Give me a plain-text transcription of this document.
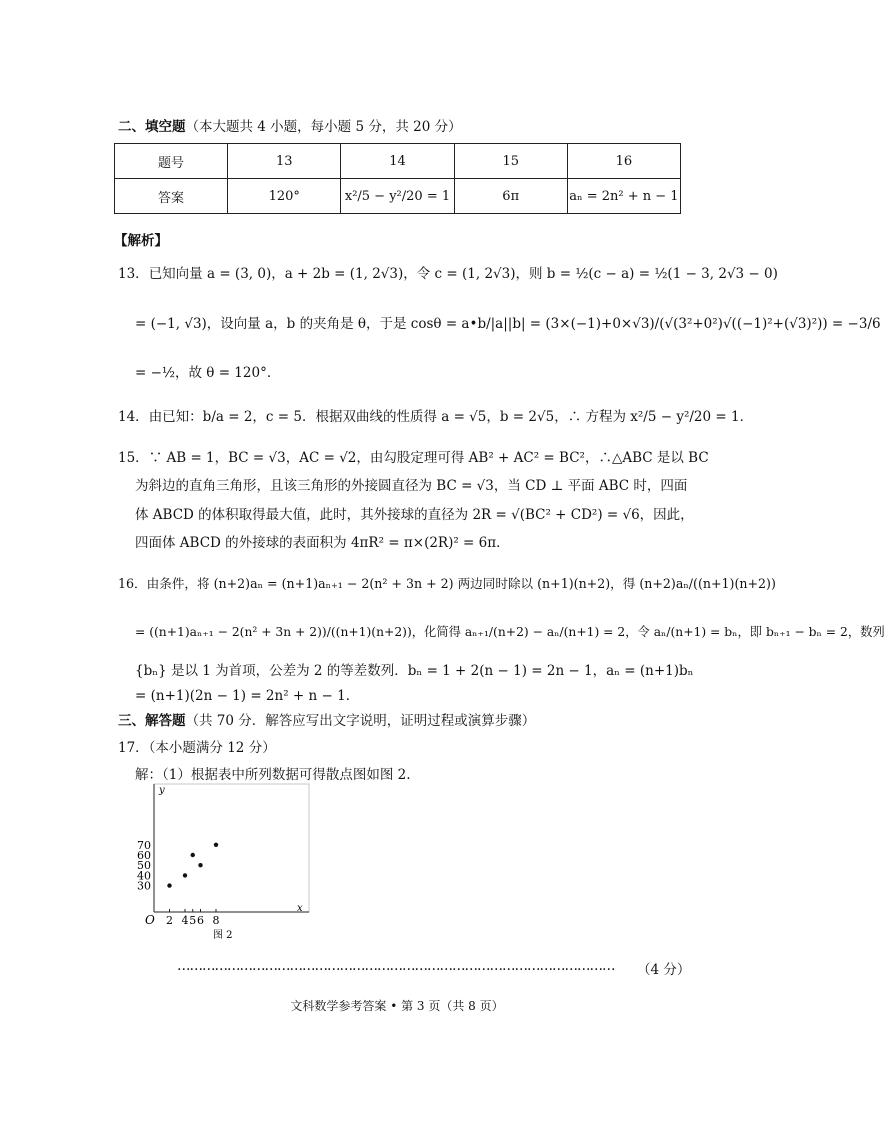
二、填空题（本大题共 4 小题，每小题 5 分，共 20 分）
题号	13	14	15	16
答案	120°	x²/5 − y²/20 = 1	6π	aₙ = 2n² + n − 1
【解析】
13．已知向量 a = (3, 0)，a + 2b = (1, 2√3)，令 c = (1, 2√3)，则 b = ½(c − a) = ½(1 − 3, 2√3 − 0)
= (−1, √3)，设向量 a，b 的夹角是 θ，于是 cosθ = a•b/|a||b| = (3×(−1)+0×√3)/(√(3²+0²)√((−1)²+(√3)²)) = −3/6
= −½，故 θ = 120°．
14．由已知：b/a = 2，c = 5．根据双曲线的性质得 a = √5，b = 2√5，∴ 方程为 x²/5 − y²/20 = 1．
15．∵ AB = 1，BC = √3，AC = √2，由勾股定理可得 AB² + AC² = BC²，∴△ABC 是以 BC
为斜边的直角三角形，且该三角形的外接圆直径为 BC = √3，当 CD ⊥ 平面 ABC 时，四面
体 ABCD 的体积取得最大值，此时，其外接球的直径为 2R = √(BC² + CD²) = √6，因此，
四面体 ABCD 的外接球的表面积为 4πR² = π×(2R)² = 6π．
16．由条件，将 (n+2)aₙ = (n+1)aₙ₊₁ − 2(n² + 3n + 2) 两边同时除以 (n+1)(n+2)，得 (n+2)aₙ/((n+1)(n+2))
= ((n+1)aₙ₊₁ − 2(n² + 3n + 2))/((n+1)(n+2))，化简得 aₙ₊₁/(n+2) − aₙ/(n+1) = 2，令 aₙ/(n+1) = bₙ，即 bₙ₊₁ − bₙ = 2，数列
{bₙ} 是以 1 为首项，公差为 2 的等差数列．bₙ = 1 + 2(n − 1) = 2n − 1，aₙ = (n+1)bₙ
= (n+1)(2n − 1) = 2n² + n − 1．
三、解答题（共 70 分．解答应写出文字说明，证明过程或演算步骤）
17．（本小题满分 12 分）
解：（1）根据表中所列数据可得散点图如图 2.
y
x
O
30
40
50
60
70
2 4 5 6 8
图 2
……………………………………………………………………………………………	（4 分）
文科数学参考答案 • 第 3 页（共 8 页）
